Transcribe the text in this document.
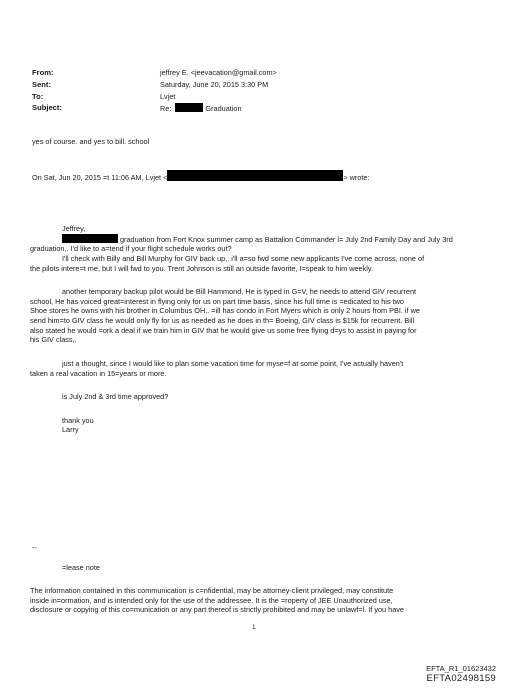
From:	jeffrey E. <jeevacation@gmail.com>
Sent:	Saturday, June 20, 2015 3:30 PM
To:	Lvjet
Subject:	Re:	Graduation
yes of course. and yes to bill. school
On Sat, Jun 20, 2015 =t 11:06 AM, Lvjet <	> wrote:

Jeffrey,

graduation from Fort Knox summer camp as Battalion Commander l= July 2nd Family Day and July 3rd

graduation,. I'd like to a=tend if your flight schedule works out?

I'll check with Billy and Bill Murphy for GIV back up,. i'll a=so fwd some new applicants I've come across, none of

the pilots intere=t me, but I will fwd to you. Trent Johnson is still an outside favorite, I=speak to him weekly.

another temporary backup pilot would be Bill Hammond, He is typed in G=V, he needs to attend GIV recurrent

school, He has voiced great=interest in flying only for us on part time basis, since his full time is =edicated to his two

Shoe stores he owns with his brother in Columbus OH,. =ill has condo in Fort Myers which is only 2 hours from PBI. if we

send him=to GIV class he would only fly for us as needed as he does in th= Boeing, GIV class is $15k for recurrent. Bill

also stated he would =ork a deal if we train him in GIV that he would give us some free flying d=ys to assist in paying for

his GIV class,.

just a thought, since I would like to plan some vacation time for myse=f at some point, I've actually haven't

taken a real vacation in 15=years or more.

is July 2nd & 3rd time approved?

thank you

Larry

--
=lease note

The information contained in this communication is c=nfidential, may be attorney-client privileged, may constitute

inside in=ormation, and is intended only for the use of the addressee. It is the =roperty of JEE Unauthorized use,

disclosure or copying of this co=munication or any part thereof is strictly prohibited and may be unlawf=l. If you have

1
EFTA_R1_01623432
EFTA02498159
